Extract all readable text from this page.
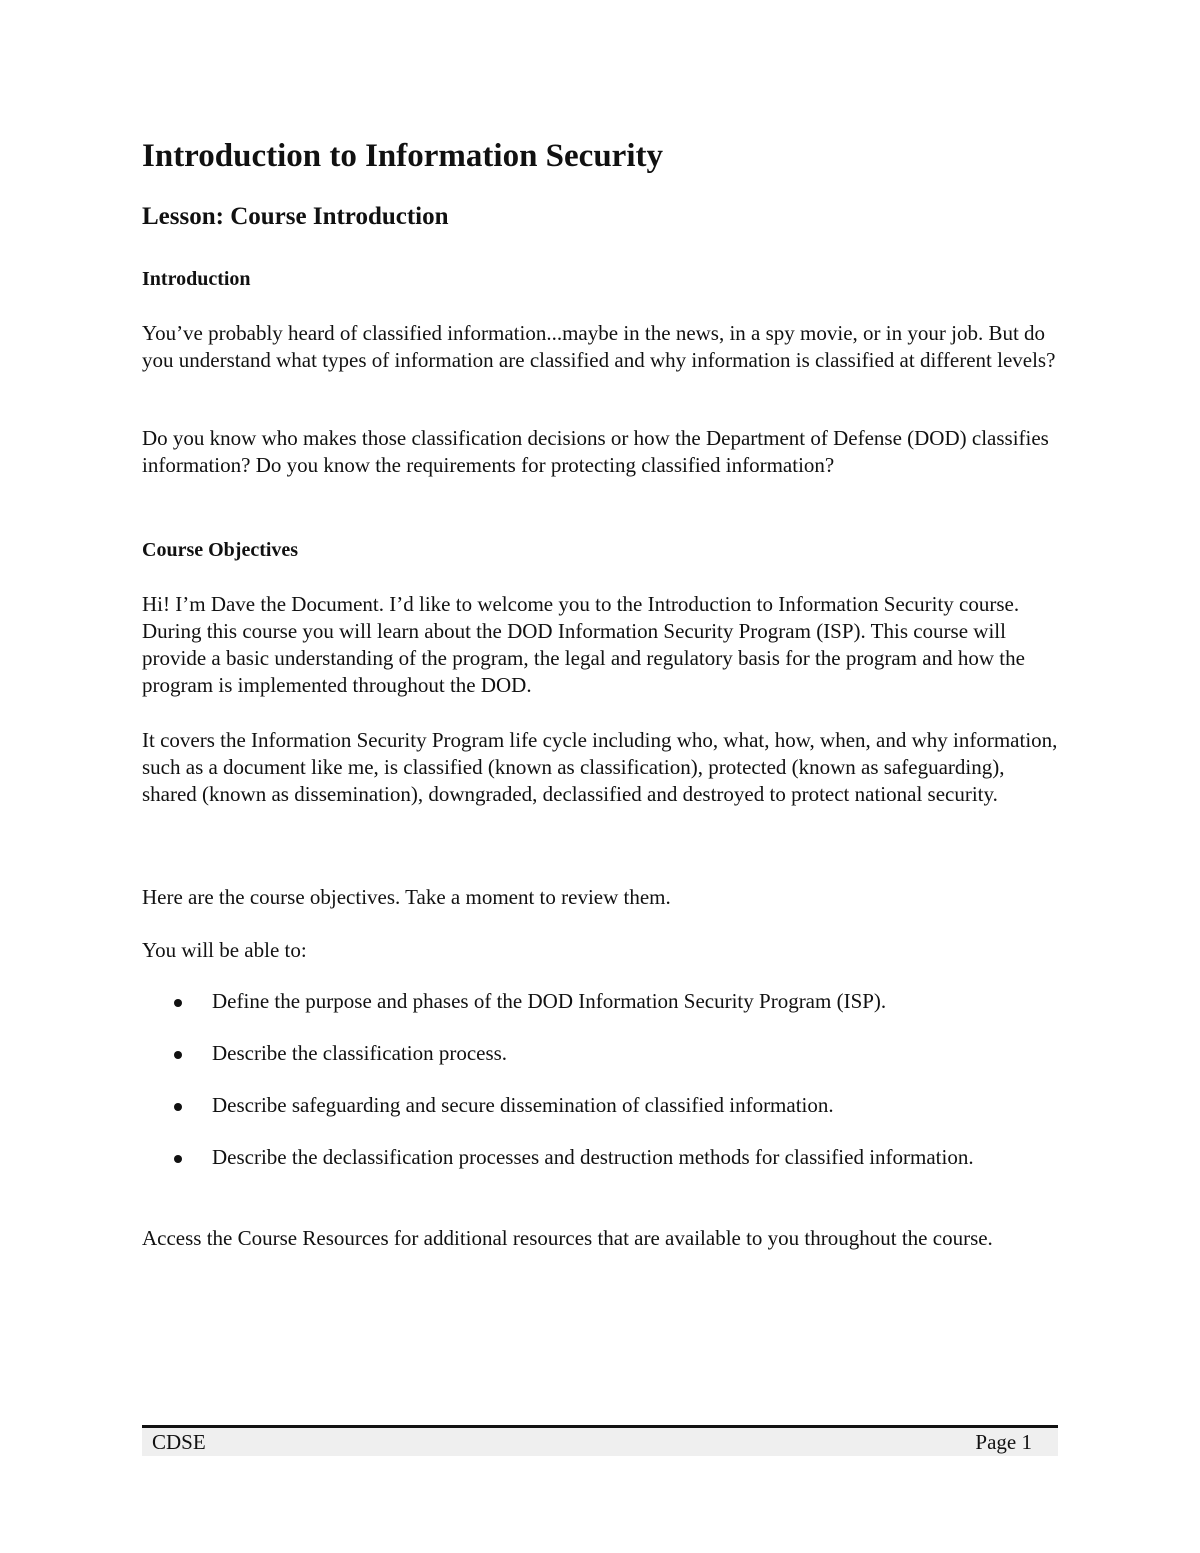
Introduction to Information Security
Lesson: Course Introduction
Introduction

You’ve probably heard of classified information...maybe in the news, in a spy movie, or in your job. But do you understand what types of information are classified and why information is classified at different levels?

Do you know who makes those classification decisions or how the Department of Defense (DOD) classifies information? Do you know the requirements for protecting classified information?

Course Objectives

Hi! I’m Dave the Document. I’d like to welcome you to the Introduction to Information Security course. During this course you will learn about the DOD Information Security Program (ISP). This course will provide a basic understanding of the program, the legal and regulatory basis for the program and how the program is implemented throughout the DOD.

It covers the Information Security Program life cycle including who, what, how, when, and why information, such as a document like me, is classified (known as classification), protected (known as safeguarding), shared (known as dissemination), downgraded, declassified and destroyed to protect national security.

Here are the course objectives. Take a moment to review them.

You will be able to:

Define the purpose and phases of the DOD Information Security Program (ISP).
Describe the classification process.
Describe safeguarding and secure dissemination of classified information.
Describe the declassification processes and destruction methods for classified information.

Access the Course Resources for additional resources that are available to you throughout the course.

CDSE	Page 1
